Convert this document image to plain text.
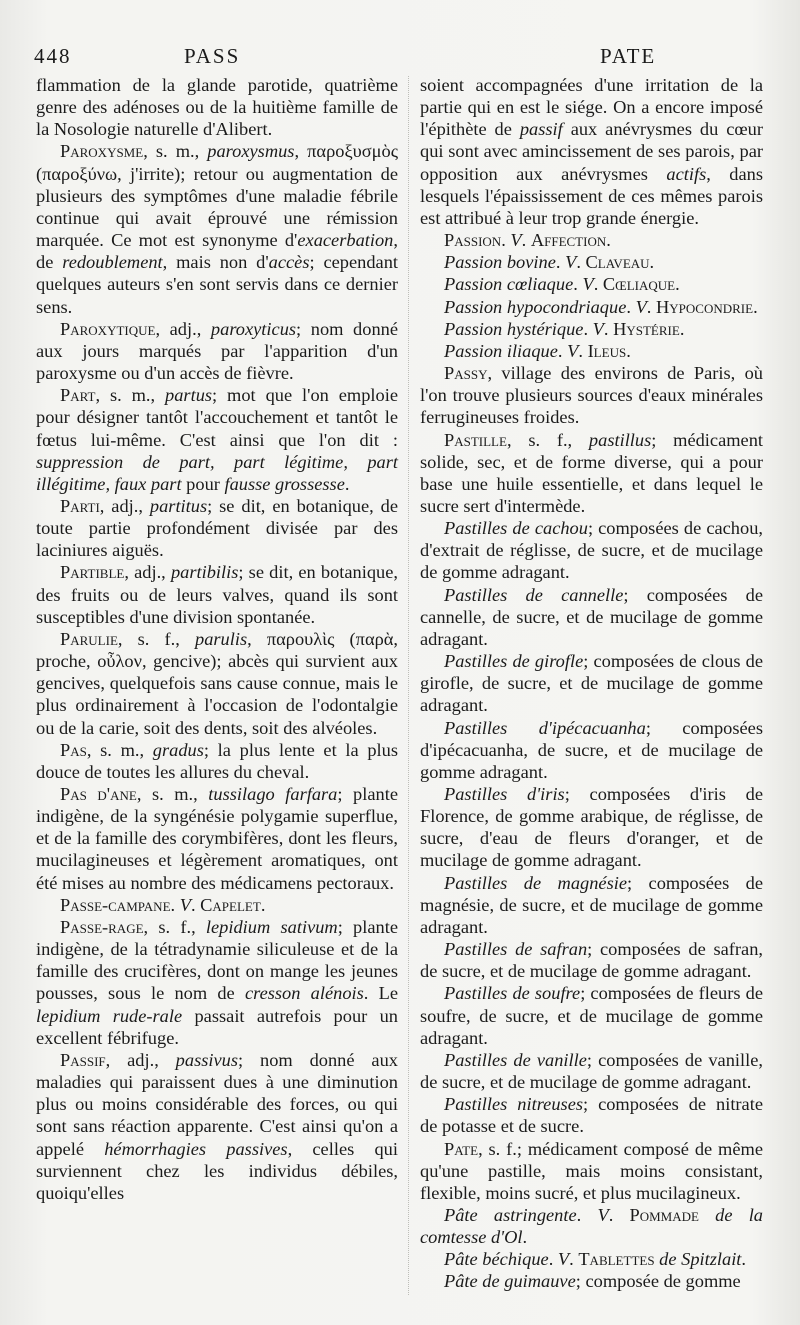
448	PASS	PATE

flammation de la glande parotide, quatrième genre des adénoses ou de la huitième famille de la Nosologie naturelle d'Alibert.

Paroxysme, s. m., paroxysmus, παροξυσμὸς (παροξύνω, j'irrite); retour ou augmentation de plusieurs des symptômes d'une maladie fébrile continue qui avait éprouvé une rémission marquée. Ce mot est synonyme d'exacerbation, de redoublement, mais non d'accès; cependant quelques auteurs s'en sont servis dans ce dernier sens.

Paroxytique, adj., paroxyticus; nom donné aux jours marqués par l'apparition d'un paroxysme ou d'un accès de fièvre.

Part, s. m., partus; mot que l'on emploie pour désigner tantôt l'accouchement et tantôt le fœtus lui-même. C'est ainsi que l'on dit : suppression de part, part légitime, part illégitime, faux part pour fausse grossesse.

Parti, adj., partitus; se dit, en botanique, de toute partie profondément divisée par des laciniures aiguës.

Partible, adj., partibilis; se dit, en botanique, des fruits ou de leurs valves, quand ils sont susceptibles d'une division spontanée.

Parulie, s. f., parulis, παρουλὶς (παρὰ, proche, οὖλον, gencive); abcès qui survient aux gencives, quelquefois sans cause connue, mais le plus ordinairement à l'occasion de l'odontalgie ou de la carie, soit des dents, soit des alvéoles.

Pas, s. m., gradus; la plus lente et la plus douce de toutes les allures du cheval.

Pas d'ane, s. m., tussilago farfara; plante indigène, de la syngénésie polygamie superflue, et de la famille des corymbifères, dont les fleurs, mucilagineuses et légèrement aromatiques, ont été mises au nombre des médicamens pectoraux.

Passe-campane. V. Capelet.

Passe-rage, s. f., lepidium sativum; plante indigène, de la tétradynamie siliculeuse et de la famille des crucifères, dont on mange les jeunes pousses, sous le nom de cresson alénois. Le lepidium rude-rale passait autrefois pour un excellent fébrifuge.

Passif, adj., passivus; nom donné aux maladies qui paraissent dues à une diminution plus ou moins considérable des forces, ou qui sont sans réaction apparente. C'est ainsi qu'on a appelé hémorrhagies passives, celles qui surviennent chez les individus débiles, quoiqu'elles

soient accompagnées d'une irritation de la partie qui en est le siége. On a encore imposé l'épithète de passif aux anévrysmes du cœur qui sont avec amincissement de ses parois, par opposition aux anévrysmes actifs, dans lesquels l'épaississement de ces mêmes parois est attribué à leur trop grande énergie.

Passion. V. Affection.

Passion bovine. V. Claveau.

Passion cœliaque. V. Cœliaque.

Passion hypocondriaque. V. Hypocondrie.

Passion hystérique. V. Hystérie.

Passion iliaque. V. Ileus.

Passy, village des environs de Paris, où l'on trouve plusieurs sources d'eaux minérales ferrugineuses froides.

Pastille, s. f., pastillus; médicament solide, sec, et de forme diverse, qui a pour base une huile essentielle, et dans lequel le sucre sert d'intermède.

Pastilles de cachou; composées de cachou, d'extrait de réglisse, de sucre, et de mucilage de gomme adragant.

Pastilles de cannelle; composées de cannelle, de sucre, et de mucilage de gomme adragant.

Pastilles de girofle; composées de clous de girofle, de sucre, et de mucilage de gomme adragant.

Pastilles d'ipécacuanha; composées d'ipécacuanha, de sucre, et de mucilage de gomme adragant.

Pastilles d'iris; composées d'iris de Florence, de gomme arabique, de réglisse, de sucre, d'eau de fleurs d'oranger, et de mucilage de gomme adragant.

Pastilles de magnésie; composées de magnésie, de sucre, et de mucilage de gomme adragant.

Pastilles de safran; composées de safran, de sucre, et de mucilage de gomme adragant.

Pastilles de soufre; composées de fleurs de soufre, de sucre, et de mucilage de gomme adragant.

Pastilles de vanille; composées de vanille, de sucre, et de mucilage de gomme adragant.

Pastilles nitreuses; composées de nitrate de potasse et de sucre.

Pate, s. f.; médicament composé de même qu'une pastille, mais moins consistant, flexible, moins sucré, et plus mucilagineux.

Pâte astringente. V. Pommade de la comtesse d'Ol.

Pâte béchique. V. Tablettes de Spitzlait.

Pâte de guimauve; composée de gomme
